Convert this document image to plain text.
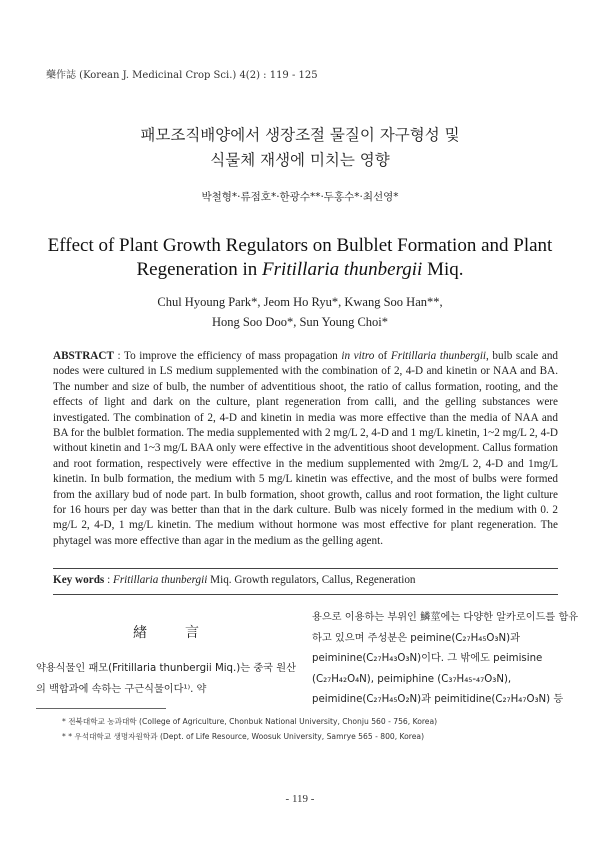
藥作誌 (Korean J. Medicinal Crop Sci.) 4(2) : 119 - 125
패모조직배양에서 생장조절 물질이 자구형성 및
식물체 재생에 미치는 영향
박철형*·류점호*·한광수**·두홍수*·최선영*
Effect of Plant Growth Regulators on Bulblet Formation and Plant
Regeneration in Fritillaria thunbergii Miq.
Chul Hyoung Park*, Jeom Ho Ryu*, Kwang Soo Han**,
Hong Soo Doo*, Sun Young Choi*
ABSTRACT : To improve the efficiency of mass propagation in vitro of Fritillaria thunbergii, bulb scale and nodes were cultured in LS medium supplemented with the combination of 2, 4-D and kinetin or NAA and BA. The number and size of bulb, the number of adventitious shoot, the ratio of callus formation, rooting, and the effects of light and dark on the culture, plant regeneration from calli, and the gelling substances were investigated. The combination of 2, 4-D and kinetin in media was more effective than the media of NAA and BA for the bulblet formation. The media supplemented with 2 mg/L 2, 4-D and 1 mg/L kinetin, 1~2 mg/L 2, 4-D without kinetin and 1~3 mg/L BAA only were effective in the adventitious shoot development. Callus formation and root formation, respectively were effective in the medium supplemented with 2mg/L 2, 4-D and 1mg/L kinetin. In bulb formation, the medium with 5 mg/L kinetin was effective, and the most of bulbs were formed from the axillary bud of node part. In bulb formation, shoot growth, callus and root formation, the light culture for 16 hours per day was better than that in the dark culture. Bulb was nicely formed in the medium with 0. 2 mg/L 2, 4-D, 1 mg/L kinetin. The medium without hormone was most effective for plant regeneration. The phytagel was more effective than agar in the medium as the gelling agent.
Key words : Fritillaria thunbergii Miq. Growth regulators, Callus, Regeneration
緖言
약용식물인 패모(Fritillaria thunbergii Miq.)는 중국 원산의 백합과에 속하는 구근식물이다¹⁾. 약
용으로 이용하는 부위인 鱗莖에는 다양한 알카로이드를 함유하고 있으며 주성분은 peimine(C₂₇H₄₅O₃N)과 peiminine(C₂₇H₄₃O₃N)이다. 그 밖에도 peimisine (C₂₇H₄₂O₄N), peimiphine (C₃₇H₄₅-₄₇O₃N), peimidine(C₂₇H₄₅O₂N)과 peimitidine(C₂₇H₄₇O₃N) 등
* 전북대학교 농과대학 (College of Agriculture, Chonbuk National University, Chonju 560 - 756, Korea)
* * 우석대학교 생명자원학과 (Dept. of Life Resource, Woosuk University, Samrye 565 - 800, Korea)
- 119 -
